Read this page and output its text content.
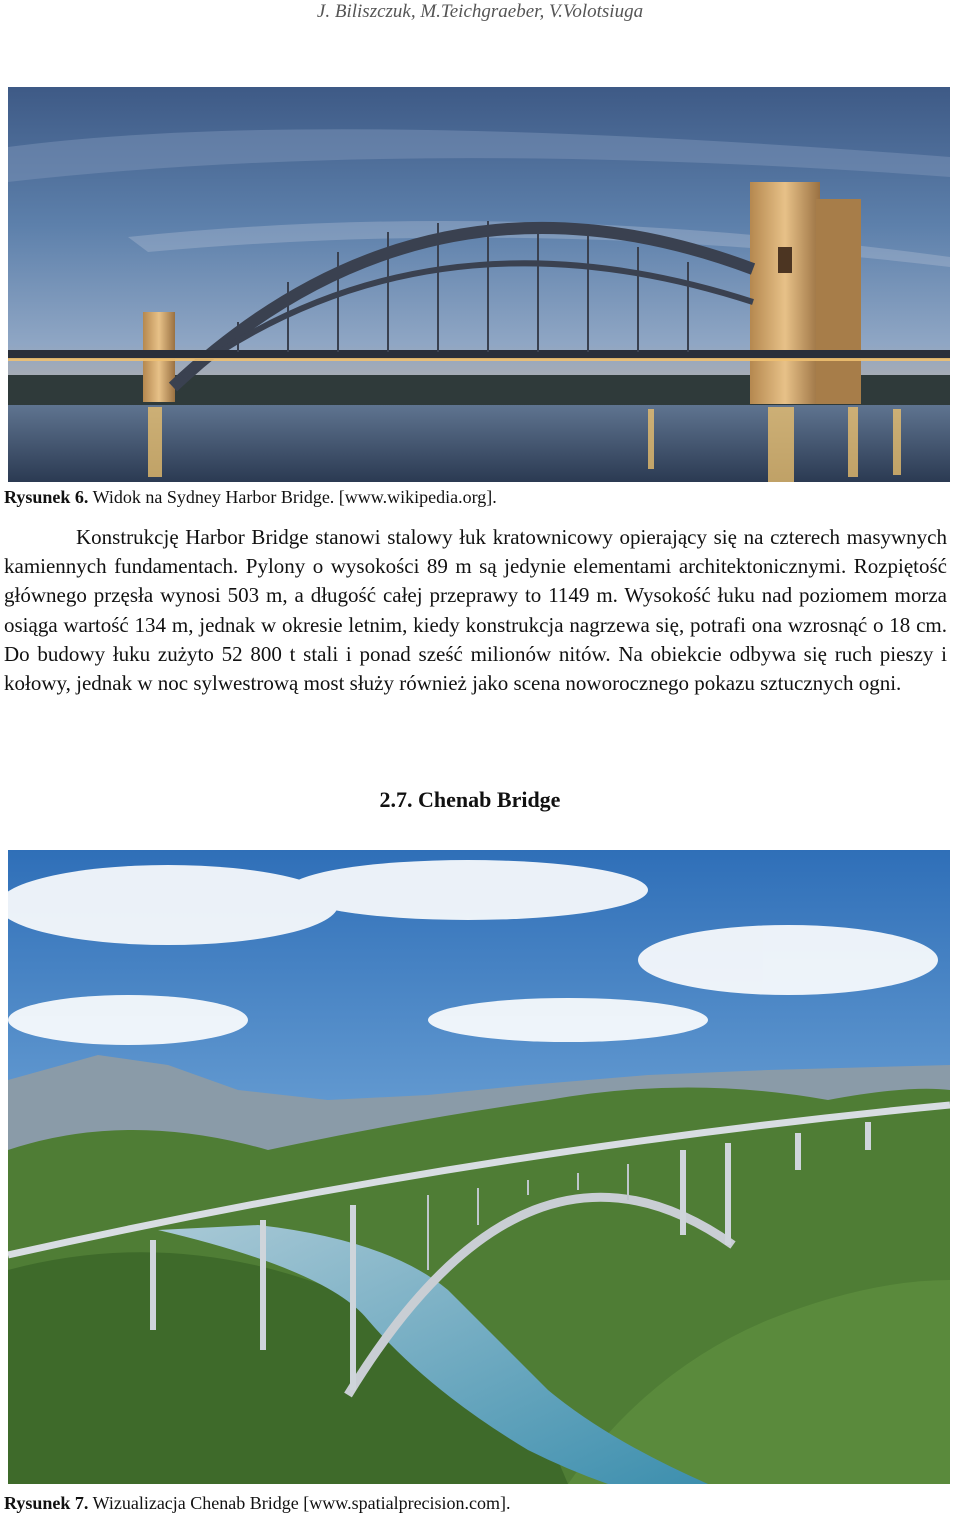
J. Biliszczuk, M.Teichgraeber, V.Volotsiuga
Rysunek 6. Widok na Sydney Harbor Bridge. [www.wikipedia.org].

Konstrukcję Harbor Bridge stanowi stalowy łuk kratownicowy opierający się na czterech masywnych kamiennych fundamentach. Pylony o wysokości 89 m są jedynie elementami architektonicznymi. Rozpiętość głównego przęsła wynosi 503 m, a długość całej przeprawy to 1149 m. Wysokość łuku nad poziomem morza osiąga wartość 134 m, jednak w okresie letnim, kiedy konstrukcja nagrzewa się, potrafi ona wzrosnąć o 18 cm. Do budowy łuku zużyto 52 800 t stali i ponad sześć milionów nitów. Na obiekcie odbywa się ruch pieszy i kołowy, jednak w noc sylwestrową most służy również jako scena noworocznego pokazu sztucznych ogni.

2.7. Chenab Bridge
Rysunek 7. Wizualizacja Chenab Bridge [www.spatialprecision.com].
